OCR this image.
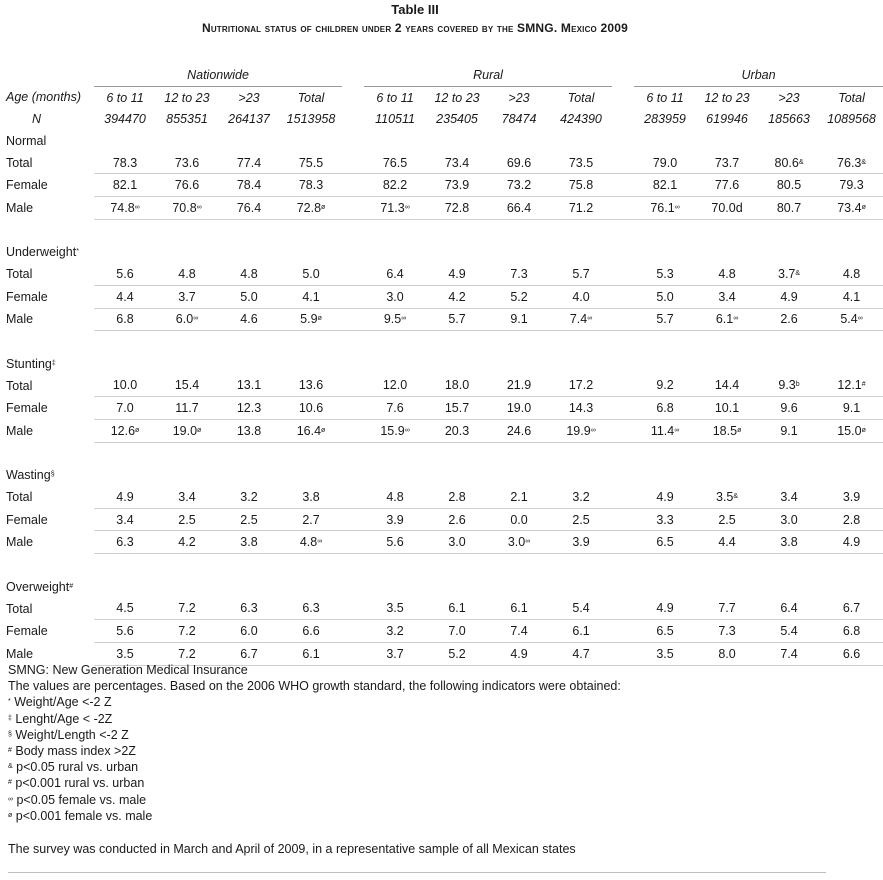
Table III
Nutritional status of children under 2 years covered by the SMNG. Mexico 2009
	Nationwide					Rural					Urban			
Age (months)	6 to 11	12 to 23	>23	Total		6 to 11	12 to 23	>23	Total		6 to 11	12 to 23	>23	Total
N	394470	855351	264137	1513958		110511	235405	78474	424390		283959	619946	185663	1089568
Normal														
Total	78.3	73.6	77.4	75.5		76.5	73.4	69.6	73.5		79.0	73.7	80.6&	76.3&
Female	82.1	76.6	78.4	78.3		82.2	73.9	73.2	75.8		82.1	77.6	80.5	79.3
Male	74.8∞	70.8∞	76.4	$72.8^ø$		71.3∞	72.8	66.4	71.2		76.1∞	70.0d	80.7	$73.4^ø$

Underweight*
Total	5.6	4.8	4.8	5.0		6.4	4.9	7.3	5.7		5.3	4.8	3.7&	4.8
Female	4.4	3.7	5.0	4.1		3.0	4.2	5.2	4.0		5.0	3.4	4.9	4.1
Male	6.8	6.0∞	4.6	$5.9^ø$		9.5∞	5.7	9.1	7.4∞		5.7	6.1∞	2.6	5.4∞

Stunting‡
Total	10.0	15.4	13.1	13.6		12.0	18.0	21.9	17.2		9.2	14.4	9.3$^b$	12.1#
Female	7.0	11.7	12.3	10.6		7.6	15.7	19.0	14.3		6.8	10.1	9.6	9.1
Male	$12.6^ø$	$19.0^ø$	13.8	$16.4^ø$		15.9∞	20.3	24.6	19.9∞		11.4∞	$18.5^ø$	9.1	$15.0^ø$

Wasting§
Total	4.9	3.4	3.2	3.8		4.8	2.8	2.1	3.2		4.9	3.5&	3.4	3.9
Female	3.4	2.5	2.5	2.7		3.9	2.6	0.0	2.5		3.3	2.5	3.0	2.8
Male	6.3	4.2	3.8	4.8∞		5.6	3.0	3.0∞	3.9		6.5	4.4	3.8	4.9

Overweight#
Total	4.5	7.2	6.3	6.3		3.5	6.1	6.1	5.4		4.9	7.7	6.4	6.7
Female	5.6	7.2	6.0	6.6		3.2	7.0	7.4	6.1		6.5	7.3	5.4	6.8
Male	3.5	7.2	6.7	6.1		3.7	5.2	4.9	4.7		3.5	8.0	7.4	6.6
SMNG: New Generation Medical Insurance
The values are percentages. Based on the 2006 WHO growth standard, the following indicators were obtained:
* Weight/Age <-2 Z
‡ Lenght/Age < -2Z
§ Weight/Length <-2 Z
# Body mass index >2Z
& p<0.05 rural vs. urban
# p<0.001 rural vs. urban
∞ p<0.05 female vs. male
$^ø$ p<0.001 female vs. male
The survey was conducted in March and April of 2009, in a representative sample of all Mexican states
